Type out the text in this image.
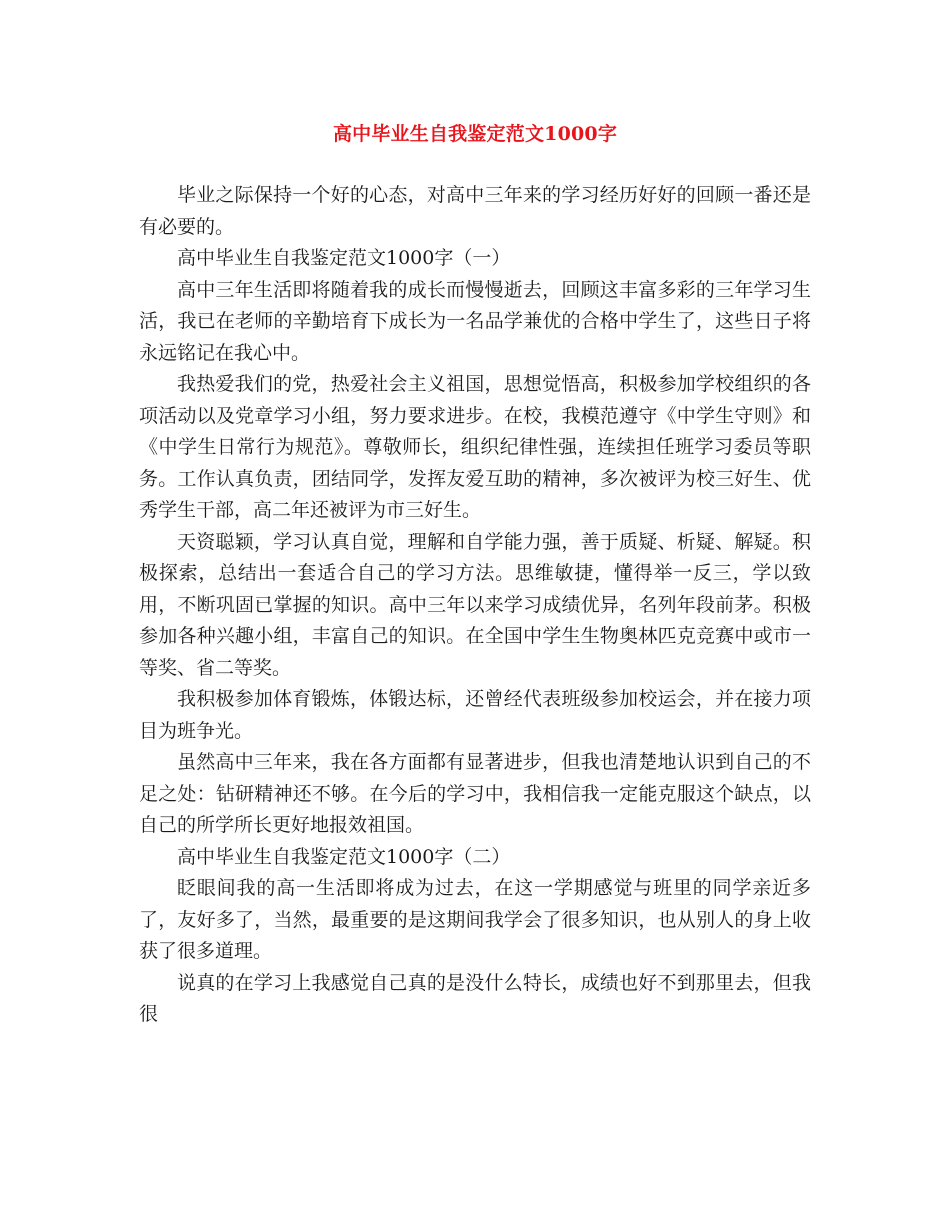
高中毕业生自我鉴定范文1000字

毕业之际保持一个好的心态，对高中三年来的学习经历好好的回顾一番还是有必要的。

高中毕业生自我鉴定范文1000字（一）

高中三年生活即将随着我的成长而慢慢逝去，回顾这丰富多彩的三年学习生活，我已在老师的辛勤培育下成长为一名品学兼优的合格中学生了，这些日子将永远铭记在我心中。

我热爱我们的党，热爱社会主义祖国，思想觉悟高，积极参加学校组织的各项活动以及党章学习小组，努力要求进步。在校，我模范遵守《中学生守则》和《中学生日常行为规范》。尊敬师长，组织纪律性强，连续担任班学习委员等职务。工作认真负责，团结同学，发挥友爱互助的精神，多次被评为校三好生、优秀学生干部，高二年还被评为市三好生。

天资聪颖，学习认真自觉，理解和自学能力强，善于质疑、析疑、解疑。积极探索，总结出一套适合自己的学习方法。思维敏捷，懂得举一反三，学以致用，不断巩固已掌握的知识。高中三年以来学习成绩优异，名列年段前茅。积极参加各种兴趣小组，丰富自己的知识。在全国中学生生物奥林匹克竞赛中或市一等奖、省二等奖。

我积极参加体育锻炼，体锻达标，还曾经代表班级参加校运会，并在接力项目为班争光。

虽然高中三年来，我在各方面都有显著进步，但我也清楚地认识到自己的不足之处：钻研精神还不够。在今后的学习中，我相信我一定能克服这个缺点，以自己的所学所长更好地报效祖国。

高中毕业生自我鉴定范文1000字（二）

眨眼间我的高一生活即将成为过去，在这一学期感觉与班里的同学亲近多了，友好多了，当然，最重要的是这期间我学会了很多知识，也从别人的身上收获了很多道理。

说真的在学习上我感觉自己真的是没什么特长，成绩也好不到那里去，但我很
